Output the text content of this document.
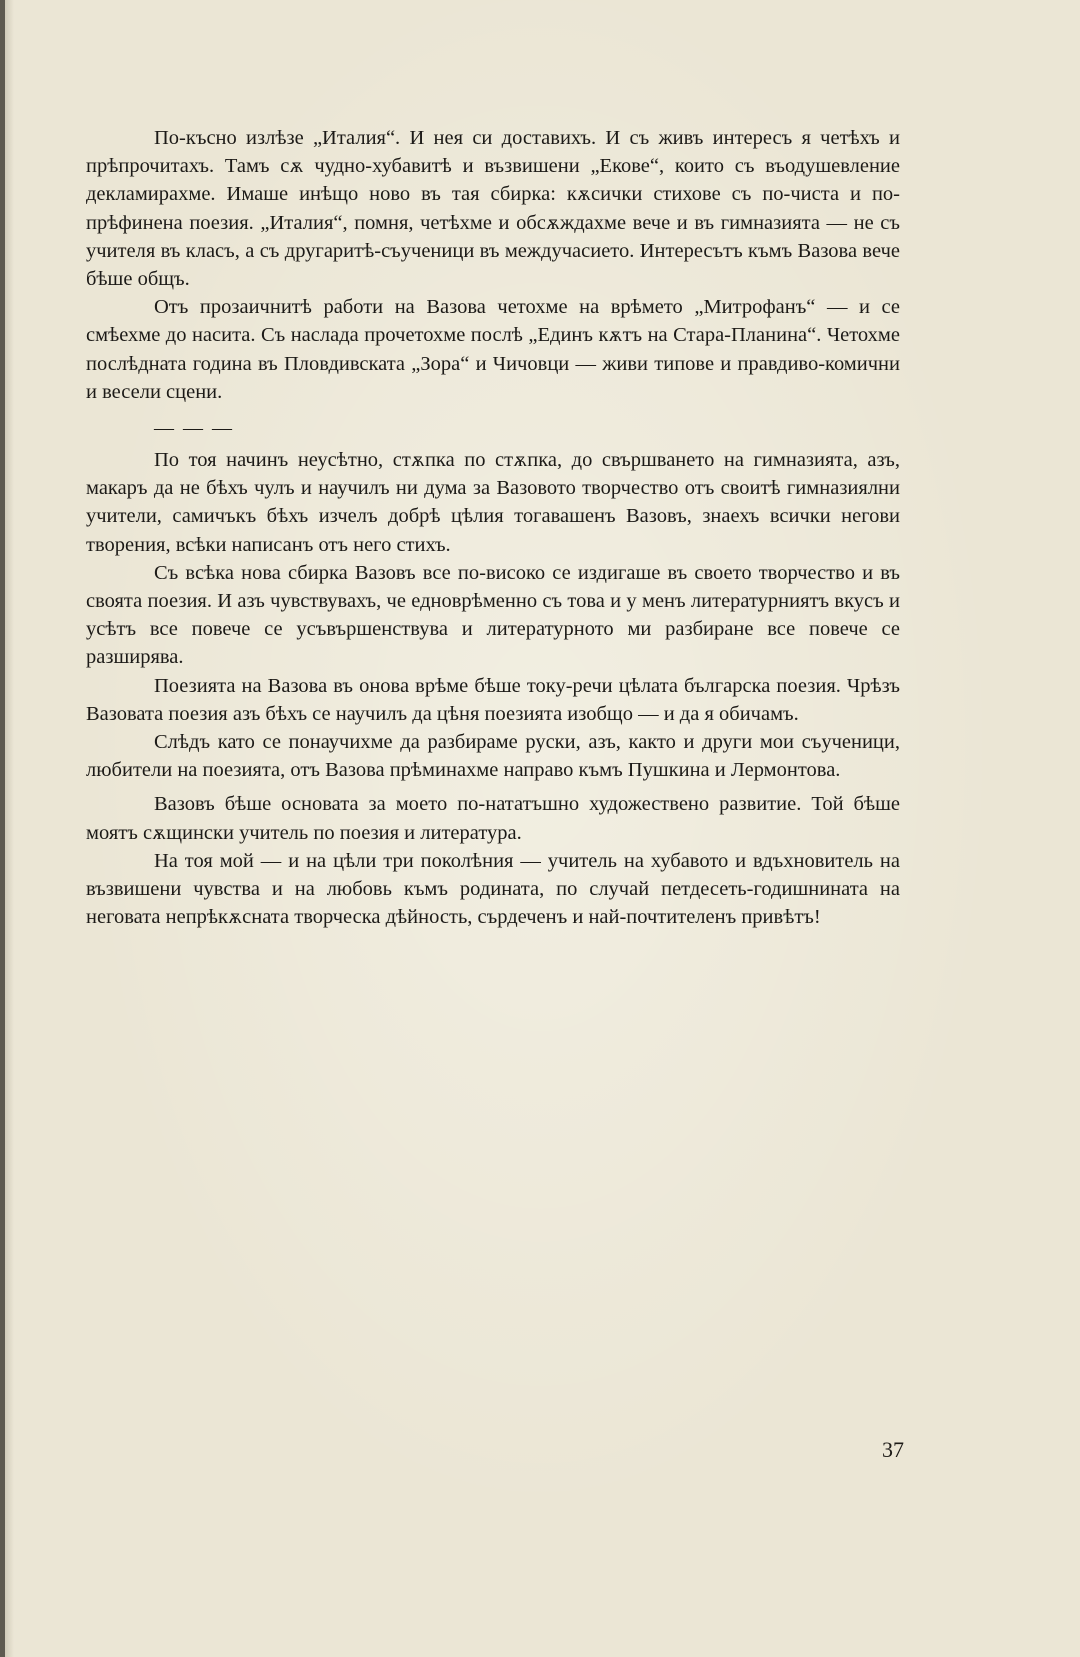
По-късно излѣзе „Италия“. И нея си доставихъ. И съ живъ интересъ я четѣхъ и прѣпрочитахъ. Тамъ сѫ чудно-хубавитѣ и възвишени „Екове“, които съ въодушевление декламирахме. Имаше инѣщо ново въ тая сбирка: кѫсички стихове съ по-чиста и по-прѣфинена поезия. „Италия“, помня, четѣхме и обсѫждахме вече и въ гимназията — не съ учителя въ класъ, а съ другаритѣ-съученици въ междучасието. Интересътъ къмъ Вазова вече бѣше общъ.

Отъ прозаичнитѣ работи на Вазова четохме на врѣмето „Митрофанъ“ — и се смѣехме до насита. Съ наслада прочетохме послѣ „Единъ кѫтъ на Стара-Планина“. Четохме послѣдната година въ Пловдивската „Зора“ и Чичовци — живи типове и правдиво-комични и весели сцени.

— — —

По тоя начинъ неусѣтно, стѫпка по стѫпка, до свършването на гимназията, азъ, макаръ да не бѣхъ чулъ и научилъ ни дума за Вазовото творчество отъ своитѣ гимназиялни учители, самичъкъ бѣхъ изчелъ добрѣ цѣлия тогавашенъ Вазовъ, знаехъ всички негови творения, всѣки написанъ отъ него стихъ.

Съ всѣка нова сбирка Вазовъ все по-високо се издигаше въ своето творчество и въ своята поезия. И азъ чувствувахъ, че едноврѣменно съ това и у менъ литературниятъ вкусъ и усѣтъ все повече се усъвършенствува и литературното ми разбиране все повече се разширява.

Поезията на Вазова въ онова врѣме бѣше току-речи цѣлата българска поезия. Чрѣзъ Вазовата поезия азъ бѣхъ се научилъ да цѣня поезията изобщо — и да я обичамъ.

Слѣдъ като се понаучихме да разбираме руски, азъ, както и други мои съученици, любители на поезията, отъ Вазова прѣминахме направо къмъ Пушкина и Лермонтова.

Вазовъ бѣше основата за моето по-нататъшно художествено развитие. Той бѣше моятъ сѫщински учитель по поезия и литература.

На тоя мой — и на цѣли три поколѣния — учитель на хубавото и вдъхновитель на възвишени чувства и на любовь къмъ родината, по случай петдесеть-годишнината на неговата непрѣкѫсната творческа дѣйность, сърдеченъ и най-почтителенъ привѣтъ!

37
